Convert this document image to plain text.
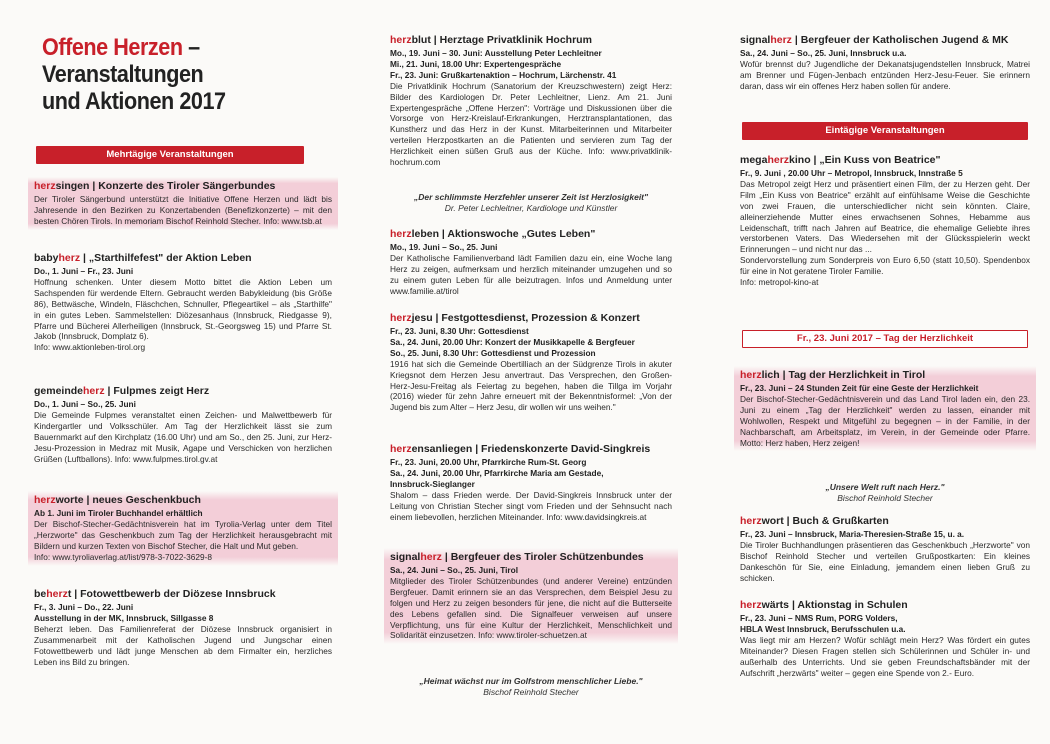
Offene Herzen –
Veranstaltungen
und Aktionen 2017
Mehrtägige Veranstaltungen
herzsingen | Konzerte des Tiroler Sängerbundes

Der Tiroler Sängerbund unterstützt die Initiative Offene Herzen und lädt bis Jahresende in den Bezirken zu Konzertabenden (Benefizkonzerte) – mit den besten Chören Tirols. In memoriam Bischof Reinhold Stecher. Info: www.tsb.at

babyherz | „Starthilfefest" der Aktion Leben
Do., 1. Juni – Fr., 23. Juni

Hoffnung schenken. Unter diesem Motto bittet die Aktion Leben um Sachspenden für werdende Eltern. Gebraucht werden Babykleidung (bis Größe 86), Bettwäsche, Windeln, Fläschchen, Schnuller, Pflegeartikel – als „Starthilfe" in ein gutes Leben. Sammelstellen: Diözesanhaus (Innsbruck, Riedgasse 9), Pfarre und Bücherei Allerheiligen (Innsbruck, St.-Georgsweg 15) und Pfarre St. Jakob (Innsbruck, Domplatz 6).

Info: www.aktionleben-tirol.org
gemeindeherz | Fulpmes zeigt Herz
Do., 1. Juni – So., 25. Juni

Die Gemeinde Fulpmes veranstaltet einen Zeichen- und Malwettbewerb für Kindergartler und Volksschüler. Am Tag der Herzlichkeit lässt sie zum Bauernmarkt auf den Kirchplatz (16.00 Uhr) und am So., den 25. Juni, zur Herz-Jesu-Prozession in Medraz mit Musik, Agape und Verschicken von herzlichen Grüßen (Luftballons). Info: www.fulpmes.tirol.gv.at

herzworte | neues Geschenkbuch
Ab 1. Juni im Tiroler Buchhandel erhältlich

Der Bischof-Stecher-Gedächtnisverein hat im Tyrolia-Verlag unter dem Titel „Herzworte" das Geschenkbuch zum Tag der Herzlichkeit herausgebracht mit Bildern und kurzen Texten von Bischof Stecher, die Halt und Mut geben.

Info: www.tyroliaverlag.at/list/978-3-7022-3629-8
beherzt | Fotowettbewerb der Diözese Innsbruck
Fr., 3. Juni – Do., 22. Juni
Ausstellung in der MK, Innsbruck, Sillgasse 8

Beherzt leben. Das Familienreferat der Diözese Innsbruck organisiert in Zusammenarbeit mit der Katholischen Jugend und Jungschar einen Fotowettbewerb und lädt junge Menschen ab dem Firmalter ein, herzliches Leben ins Bild zu bringen.

herzblut | Herztage Privatklinik Hochrum
Mo., 19. Juni – 30. Juni: Ausstellung Peter Lechleitner
Mi., 21. Juni, 18.00 Uhr: Expertengespräche
Fr., 23. Juni: Grußkartenaktion – Hochrum, Lärchenstr. 41

Die Privatklinik Hochrum (Sanatorium der Kreuzschwestern) zeigt Herz: Bilder des Kardiologen Dr. Peter Lechleitner, Lienz. Am 21. Juni Expertengespräche „Offene Herzen": Vorträge und Diskussionen über die Vorsorge von Herz-Kreislauf-Erkrankungen, Herztransplantationen, das Kunstherz und das Herz in der Kunst. Mitarbeiterinnen und Mitarbeiter verteilen Herzpostkarten an die Patienten und servieren zum Tag der Herzlichkeit einen süßen Gruß aus der Küche. Info: www.privatklinik-hochrum.com

„Der schlimmste Herzfehler unserer Zeit ist Herzlosigkeit"
Dr. Peter Lechleitner, Kardiologe und Künstler
herzleben | Aktionswoche „Gutes Leben"
Mo., 19. Juni – So., 25. Juni

Der Katholische Familienverband lädt Familien dazu ein, eine Woche lang Herz zu zeigen, aufmerksam und herzlich miteinander umzugehen und so zu einem guten Leben für alle beizutragen. Infos und Anmeldung unter www.familie.at/tirol

herzjesu | Festgottesdienst, Prozession & Konzert
Fr., 23. Juni, 8.30 Uhr: Gottesdienst
Sa., 24. Juni, 20.00 Uhr: Konzert der Musikkapelle & Bergfeuer
So., 25. Juni, 8.30 Uhr: Gottesdienst und Prozession

1916 hat sich die Gemeinde Obertilliach an der Südgrenze Tirols in akuter Kriegsnot dem Herzen Jesu anvertraut. Das Versprechen, den Großen-Herz-Jesu-Freitag als Feiertag zu begehen, haben die Tillga im Vorjahr (2016) wieder für zehn Jahre erneuert mit der Bekenntnisformel: „Von der Jugend bis zum Alter – Herz Jesu, dir wollen wir uns weihen."

herzensanliegen | Friedenskonzerte David-Singkreis
Fr., 23. Juni, 20.00 Uhr, Pfarrkirche Rum-St. Georg
Sa., 24. Juni, 20.00 Uhr, Pfarrkirche Maria am Gestade,
Innsbruck-Sieglanger

Shalom – dass Frieden werde. Der David-Singkreis Innsbruck unter der Leitung von Christian Stecher singt vom Frieden und der Sehnsucht nach einem liebevollen, herzlichen Miteinander. Info: www.davidsingkreis.at

signalherz | Bergfeuer des Tiroler Schützenbundes
Sa., 24. Juni – So., 25. Juni, Tirol

Mitglieder des Tiroler Schützenbundes (und anderer Vereine) entzünden Bergfeuer. Damit erinnern sie an das Versprechen, dem Beispiel Jesu zu folgen und Herz zu zeigen besonders für jene, die nicht auf die Butterseite des Lebens gefallen sind. Die Signalfeuer verweisen auf unsere Verpflichtung, uns für eine Kultur der Herzlichkeit, Menschlichkeit und Solidarität einzusetzen. Info: www.tiroler-schuetzen.at

„Heimat wächst nur im Golfstrom menschlicher Liebe."
Bischof Reinhold Stecher
signalherz | Bergfeuer der Katholischen Jugend & MK
Sa., 24. Juni – So., 25. Juni, Innsbruck u.a.

Wofür brennst du? Jugendliche der Dekanatsjugendstellen Innsbruck, Matrei am Brenner und Fügen-Jenbach entzünden Herz-Jesu-Feuer. Sie erinnern daran, dass wir ein offenes Herz haben sollen für andere.

Eintägige Veranstaltungen
megaherzkino | „Ein Kuss von Beatrice"
Fr., 9. Juni , 20.00 Uhr – Metropol, Innsbruck, Innstraße 5

Das Metropol zeigt Herz und präsentiert einen Film, der zu Herzen geht. Der Film „Ein Kuss von Beatrice" erzählt auf einfühlsame Weise die Geschichte von zwei Frauen, die unterschiedlicher nicht sein könnten. Claire, alleinerziehende Mutter eines erwachsenen Sohnes, Hebamme aus Leidenschaft, trifft nach Jahren auf Beatrice, die ehemalige Geliebte ihres verstorbenen Vaters. Das Wiedersehen mit der Glücksspielerin weckt Erinnerungen – und nicht nur das ...

Sondervorstellung zum Sonderpreis von Euro 6,50 (statt 10,50). Spendenbox für eine in Not geratene Tiroler Familie.

Info: metropol-kino-at
Fr., 23. Juni 2017 – Tag der Herzlichkeit
herzlich | Tag der Herzlichkeit in Tirol
Fr., 23. Juni – 24 Stunden Zeit für eine Geste der Herzlichkeit

Der Bischof-Stecher-Gedächtnisverein und das Land Tirol laden ein, den 23. Juni zu einem „Tag der Herzlichkeit" werden zu lassen, einander mit Wohlwollen, Respekt und Mitgefühl zu begegnen – in der Familie, in der Nachbarschaft, am Arbeitsplatz, im Verein, in der Gemeinde oder Pfarre. Motto: Herz haben, Herz zeigen!

„Unsere Welt ruft nach Herz."
Bischof Reinhold Stecher
herzwort | Buch & Grußkarten
Fr., 23. Juni – Innsbruck, Maria-Theresien-Straße 15, u. a.

Die Tiroler Buchhandlungen präsentieren das Geschenkbuch „Herzworte" von Bischof Reinhold Stecher und verteilen Grußpostkarten: Ein kleines Dankeschön für Sie, eine Einladung, jemandem einen lieben Gruß zu schicken.

herzwärts | Aktionstag in Schulen
Fr., 23. Juni – NMS Rum, PORG Volders,
HBLA West Innsbruck, Berufsschulen u.a.

Was liegt mir am Herzen? Wofür schlägt mein Herz? Was fördert ein gutes Miteinander? Diesen Fragen stellen sich Schülerinnen und Schüler in- und außerhalb des Unterrichts. Und sie geben Freundschaftsbänder mit der Aufschrift „herzwärts" weiter – gegen eine Spende von 2.- Euro.
